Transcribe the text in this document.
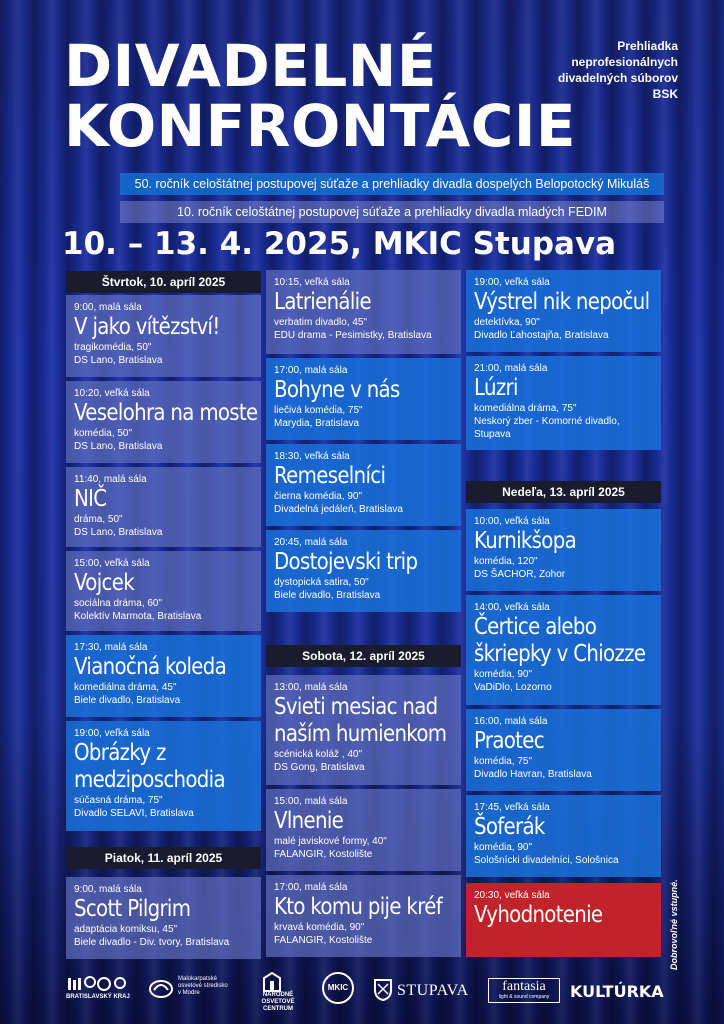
DIVADELNÉ
KONFRONTÁCIE
Prehliadka
neprofesionálnych
divadelných súborov
BSK
50. ročník celoštátnej postupovej súťaže a prehliadky divadla dospelých Belopotocký Mikuláš
10. ročník celoštátnej postupovej súťaže a prehliadky divadla mladých FEDIM
10. – 13. 4. 2025, MKIC Stupava
Štvrtok, 10. apríl 2025
9:00, malá sála
V jako vítězství!
tragikomédia, 50"
DS Lano, Bratislava
10:20, veľká sála
Veselohra na moste
komédia, 50"
DS Lano, Bratislava
11:40, malá sála
NIČ
dráma, 50"
DS Lano, Bratislava
15:00, veľká sála
Vojcek
sociálna dráma, 60"
Kolektív Marmota, Bratislava
17:30, malá sála
Vianočná koleda
komediálna dráma, 45"
Biele divadlo, Bratislava
19:00, veľká sála
Obrázky z medziposchodia
súčasná dráma, 75"
Divadlo SELAVI, Bratislava
Piatok, 11. apríl 2025
9:00, malá sála
Scott Pilgrim
adaptácia komiksu, 45"
Biele divadlo - Div. tvory, Bratislava
10:15, veľká sála
Latrienálie
verbatim divadlo, 45"
EDU drama - Pesimistky, Bratislava
17:00, malá sála
Bohyne v nás
liečivá komédia, 75"
Marydia, Bratislava
18:30, veľká sála
Remeselníci
čierna komédia, 90"
Divadelná jedáleň, Bratislava
20:45, malá sála
Dostojevski trip
dystopická satira, 50"
Biele divadlo, Bratislava
Sobota, 12. apríl 2025
13:00, malá sála
Svieti mesiac nad naším humienkom
scénická koláž , 40"
DS Gong, Bratislava
15:00, malá sála
Vlnenie
malé javiskové formy, 40"
FALANGIR, Kostolište
17:00, malá sála
Kto komu pije kréf
krvavá komédia, 90"
FALANGIR, Kostolište
19:00, veľká sála
Výstrel nik nepočul
detektívka, 90"
Divadlo Ľahostajňa, Bratislava
21:00, malá sála
Lúzri
komediálna dráma, 75"
Neskorý zber - Komorné divadlo, Stupava
Nedeľa, 13. apríl 2025
10:00, veľká sála
Kurnikšopa
komédia, 120"
DS ŠACHOR, Zohor
14:00, veľká sála
Čertice alebo škriepky v Chiozze
komédia, 90"
VaDiDlo, Lozorno
16:00, malá sála
Praotec
komédia, 75"
Divadlo Havran, Bratislava
17:45, veľká sála
Šoferák
komédia, 90"
Sološnícki divadelníci, Sološnica
20:30, veľká sála
Vyhodnotenie	Dobrovoľné vstupné.
BRATISLAVSKÝ KRAJ
Malokarpatské
osvetové stredisko
v Modre	NÁRODNÉ
OSVETOVÉ
CENTRUM
MKIC	STUPAVA	fantasia
light & sound company	KULTÚRKA
